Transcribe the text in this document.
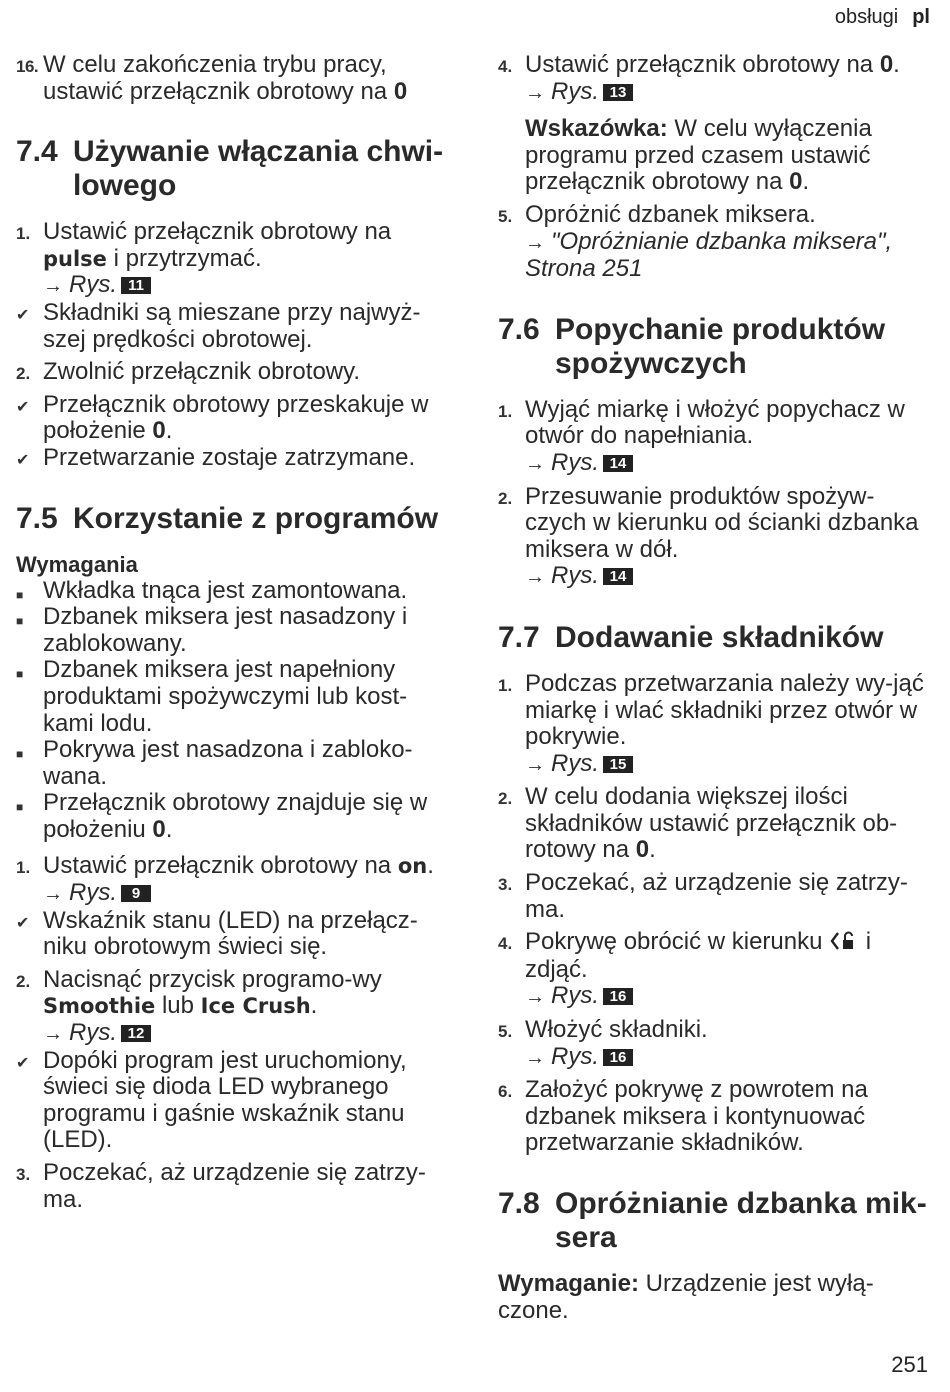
obsługi pl

16. W celu zakończenia trybu pracy, ustawić przełącznik obrotowy na 0

7.4 Używanie włączania chwi-lowego

1. Ustawić przełącznik obrotowy na pulse i przytrzymać.

→ Rys. 11

✔ Składniki są mieszane przy najwyż-szej prędkości obrotowej.

2. Zwolnić przełącznik obrotowy.

✔ Przełącznik obrotowy przeskakuje w położenie 0.

✔ Przetwarzanie zostaje zatrzymane.

7.5 Korzystanie z programów

Wymagania

■ Wkładka tnąca jest zamontowana.

■ Dzbanek miksera jest nasadzony i zablokowany.

■ Dzbanek miksera jest napełniony produktami spożywczymi lub kost-kami lodu.

■ Pokrywa jest nasadzona i zabloko-wana.

■ Przełącznik obrotowy znajduje się w położeniu 0.

1. Ustawić przełącznik obrotowy na on.

→ Rys. 9

✔ Wskaźnik stanu (LED) na przełącz-niku obrotowym świeci się.

2. Nacisnąć przycisk programo-wy Smoothie lub Ice Crush.

→ Rys. 12

✔ Dopóki program jest uruchomiony, świeci się dioda LED wybranego programu i gaśnie wskaźnik stanu (LED).

3. Poczekać, aż urządzenie się zatrzy-ma.

4. Ustawić przełącznik obrotowy na 0.

→ Rys. 13

Wskazówka: W celu wyłączenia programu przed czasem ustawić przełącznik obrotowy na 0.

5. Opróżnić dzbanek miksera.

→ "Opróżnianie dzbanka miksera", Strona 251

7.6 Popychanie produktów spożywczych

1. Wyjąć miarkę i włożyć popychacz w otwór do napełniania.

→ Rys. 14

2. Przesuwanie produktów spożyw-czych w kierunku od ścianki dzbanka miksera w dół.

→ Rys. 14

7.7 Dodawanie składników

1. Podczas przetwarzania należy wy-jąć miarkę i wlać składniki przez otwór w pokrywie.

→ Rys. 15

2. W celu dodania większej ilości składników ustawić przełącznik ob-rotowy na 0.

3. Poczekać, aż urządzenie się zatrzy-ma.

4. Pokrywę obrócić w kierunku  i zdjąć.

→ Rys. 16

5. Włożyć składniki.

→ Rys. 16

6. Założyć pokrywę z powrotem na dzbanek miksera i kontynuować przetwarzanie składników.

7.8 Opróżnianie dzbanka mik-sera

Wymaganie: Urządzenie jest wyłą-czone.

251
